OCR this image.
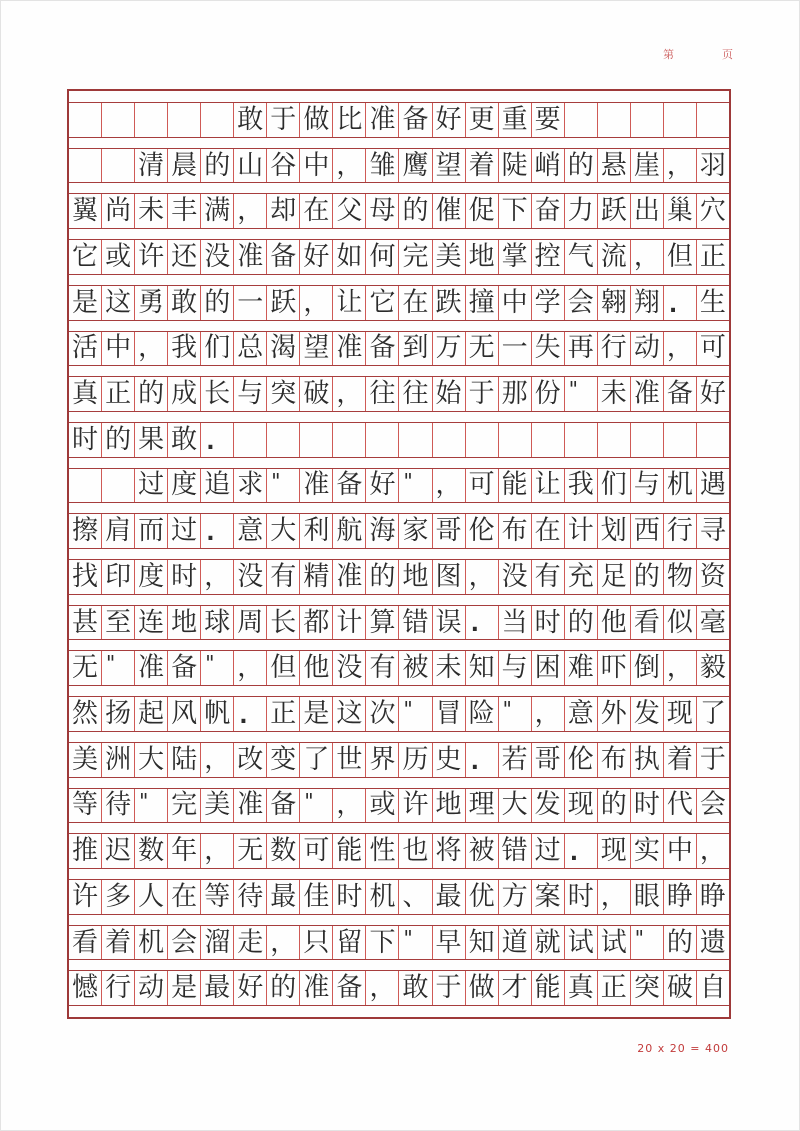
第	页
敢 于 做 比 准 备 好 更 重 要
清 晨 的 山 谷 中 ， 雏 鹰 望 着 陡 峭 的 悬 崖 ， 羽
翼 尚 未 丰 满 ， 却 在 父 母 的 催 促 下 奋 力 跃 出 巢 穴
它 或 许 还 没 准 备 好 如 何 完 美 地 掌 控 气 流 ， 但 正
是 这 勇 敢 的 一 跃 ， 让 它 在 跌 撞 中 学 会 翱 翔 . 生
活 中 ， 我 们 总 渴 望 准 备 到 万 无 一 失 再 行 动 ， 可
真 正 的 成 长 与 突 破 ， 往 往 始 于 那 份 " 未 准 备 好
时 的 果 敢 .
过 度 追 求 " 准 备 好 " ， 可 能 让 我 们 与 机 遇
擦 肩 而 过 . 意 大 利 航 海 家 哥 伦 布 在 计 划 西 行 寻
找 印 度 时 ， 没 有 精 准 的 地 图 ， 没 有 充 足 的 物 资
甚 至 连 地 球 周 长 都 计 算 错 误 . 当 时 的 他 看 似 毫
无 " 准 备 " ， 但 他 没 有 被 未 知 与 困 难 吓 倒 ， 毅
然 扬 起 风 帆 . 正 是 这 次 " 冒 险 " ， 意 外 发 现 了
美 洲 大 陆 ， 改 变 了 世 界 历 史 . 若 哥 伦 布 执 着 于
等 待 " 完 美 准 备 " ， 或 许 地 理 大 发 现 的 时 代 会
推 迟 数 年 ， 无 数 可 能 性 也 将 被 错 过 . 现 实 中 ，
许 多 人 在 等 待 最 佳 时 机 、 最 优 方 案 时 ， 眼 睁 睁
看 着 机 会 溜 走 ， 只 留 下 " 早 知 道 就 试 试 " 的 遗
憾 行 动 是 最 好 的 准 备 ， 敢 于 做 才 能 真 正 突 破 自
20 x 20 = 400
